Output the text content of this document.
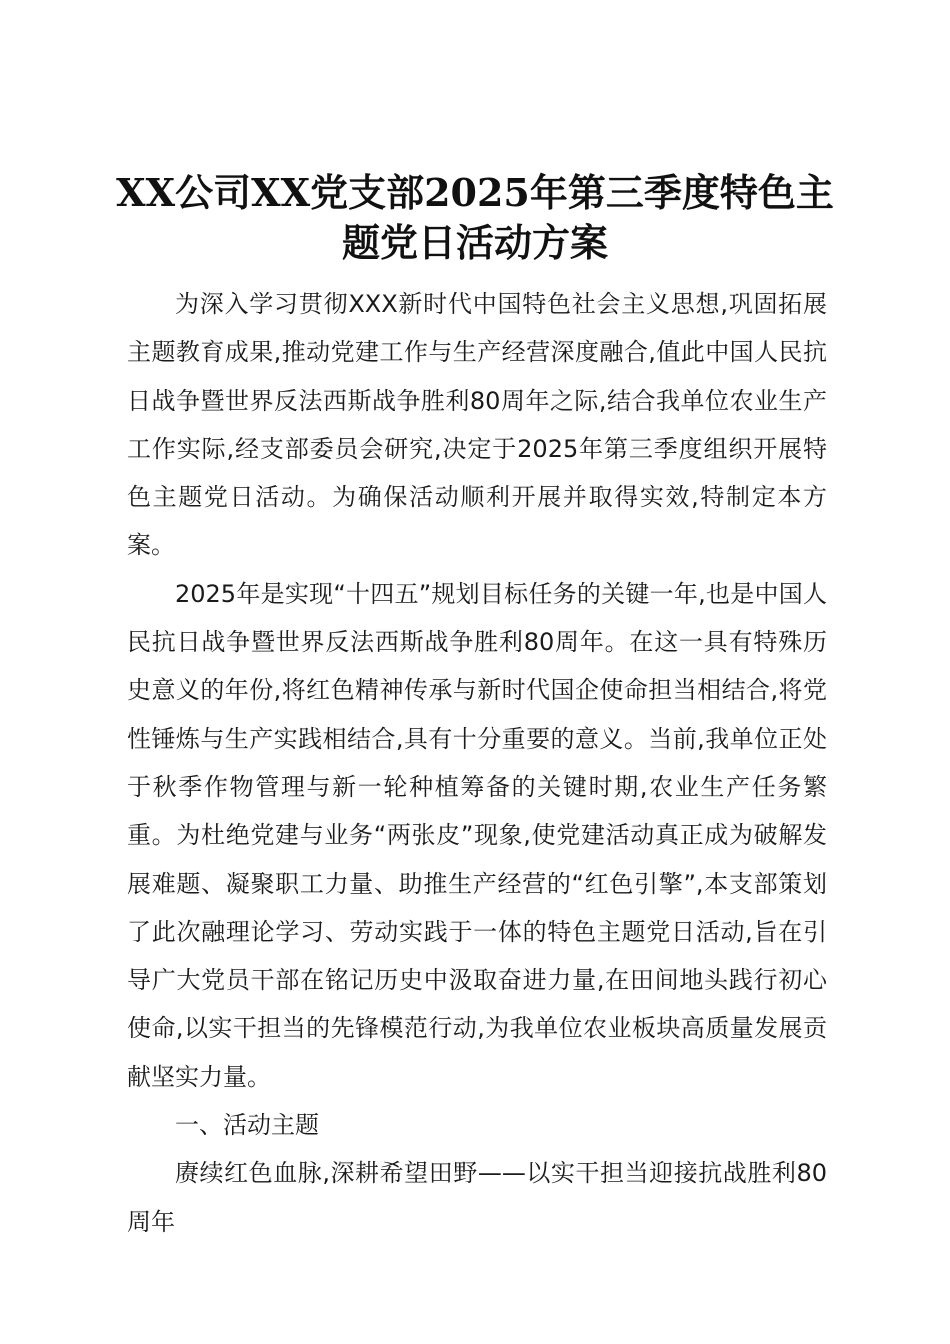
XX公司XX党支部2025年第三季度特色主题党日活动方案

为深入学习贯彻XXX新时代中国特色社会主义思想,巩固拓展主题教育成果,推动党建工作与生产经营深度融合,值此中国人民抗日战争暨世界反法西斯战争胜利80周年之际,结合我单位农业生产工作实际,经支部委员会研究,决定于2025年第三季度组织开展特色主题党日活动。为确保活动顺利开展并取得实效,特制定本方案。

2025年是实现“十四五”规划目标任务的关键一年,也是中国人民抗日战争暨世界反法西斯战争胜利80周年。在这一具有特殊历史意义的年份,将红色精神传承与新时代国企使命担当相结合,将党性锤炼与生产实践相结合,具有十分重要的意义。当前,我单位正处于秋季作物管理与新一轮种植筹备的关键时期,农业生产任务繁重。为杜绝党建与业务“两张皮”现象,使党建活动真正成为破解发展难题、凝聚职工力量、助推生产经营的“红色引擎”,本支部策划了此次融理论学习、劳动实践于一体的特色主题党日活动,旨在引导广大党员干部在铭记历史中汲取奋进力量,在田间地头践行初心使命,以实干担当的先锋模范行动,为我单位农业板块高质量发展贡献坚实力量。

一、活动主题

赓续红色血脉,深耕希望田野——以实干担当迎接抗战胜利80周年
